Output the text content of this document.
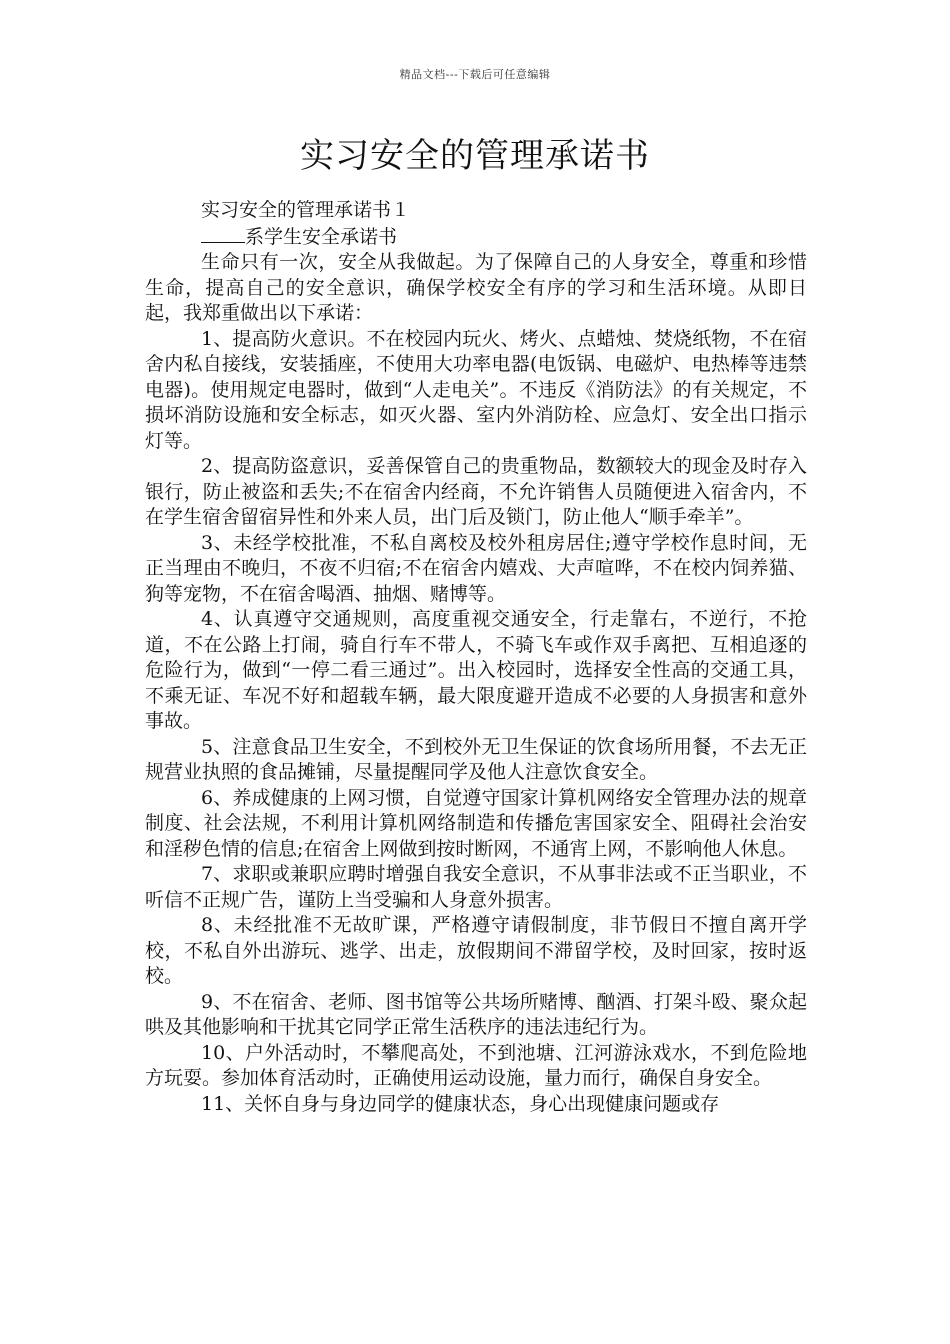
精品文档---下载后可任意编辑
实习安全的管理承诺书

实习安全的管理承诺书１

系学生安全承诺书

生命只有一次，安全从我做起。为了保障自己的人身安全，尊重和珍惜生命，提高自己的安全意识，确保学校安全有序的学习和生活环境。从即日起，我郑重做出以下承诺：

1、提高防火意识。不在校园内玩火、烤火、点蜡烛、焚烧纸物，不在宿舍内私自接线，安装插座，不使用大功率电器(电饭锅、电磁炉、电热棒等违禁电器)。使用规定电器时，做到“人走电关”。不违反《消防法》的有关规定，不损坏消防设施和安全标志，如灭火器、室内外消防栓、应急灯、安全出口指示灯等。

2、提高防盗意识，妥善保管自己的贵重物品，数额较大的现金及时存入银行，防止被盗和丢失;不在宿舍内经商，不允许销售人员随便进入宿舍内，不在学生宿舍留宿异性和外来人员，出门后及锁门，防止他人“顺手牵羊”。

3、未经学校批准，不私自离校及校外租房居住;遵守学校作息时间，无正当理由不晚归，不夜不归宿;不在宿舍内嬉戏、大声喧哗，不在校内饲养猫、狗等宠物，不在宿舍喝酒、抽烟、赌博等。

4、认真遵守交通规则，高度重视交通安全，行走靠右，不逆行，不抢道，不在公路上打闹，骑自行车不带人，不骑飞车或作双手离把、互相追逐的危险行为，做到“一停二看三通过”。出入校园时，选择安全性高的交通工具，不乘无证、车况不好和超载车辆，最大限度避开造成不必要的人身损害和意外事故。

5、注意食品卫生安全，不到校外无卫生保证的饮食场所用餐，不去无正规营业执照的食品摊铺，尽量提醒同学及他人注意饮食安全。

6、养成健康的上网习惯，自觉遵守国家计算机网络安全管理办法的规章制度、社会法规，不利用计算机网络制造和传播危害国家安全、阻碍社会治安和淫秽色情的信息;在宿舍上网做到按时断网，不通宵上网，不影响他人休息。

7、求职或兼职应聘时增强自我安全意识，不从事非法或不正当职业，不听信不正规广告，谨防上当受骗和人身意外损害。

8、未经批准不无故旷课，严格遵守请假制度，非节假日不擅自离开学校，不私自外出游玩、逃学、出走，放假期间不滞留学校，及时回家，按时返校。

9、不在宿舍、老师、图书馆等公共场所赌博、酗酒、打架斗殴、聚众起哄及其他影响和干扰其它同学正常生活秩序的违法违纪行为。

10、户外活动时，不攀爬高处，不到池塘、江河游泳戏水，不到危险地方玩耍。参加体育活动时，正确使用运动设施，量力而行，确保自身安全。

11、关怀自身与身边同学的健康状态，身心出现健康问题或存
